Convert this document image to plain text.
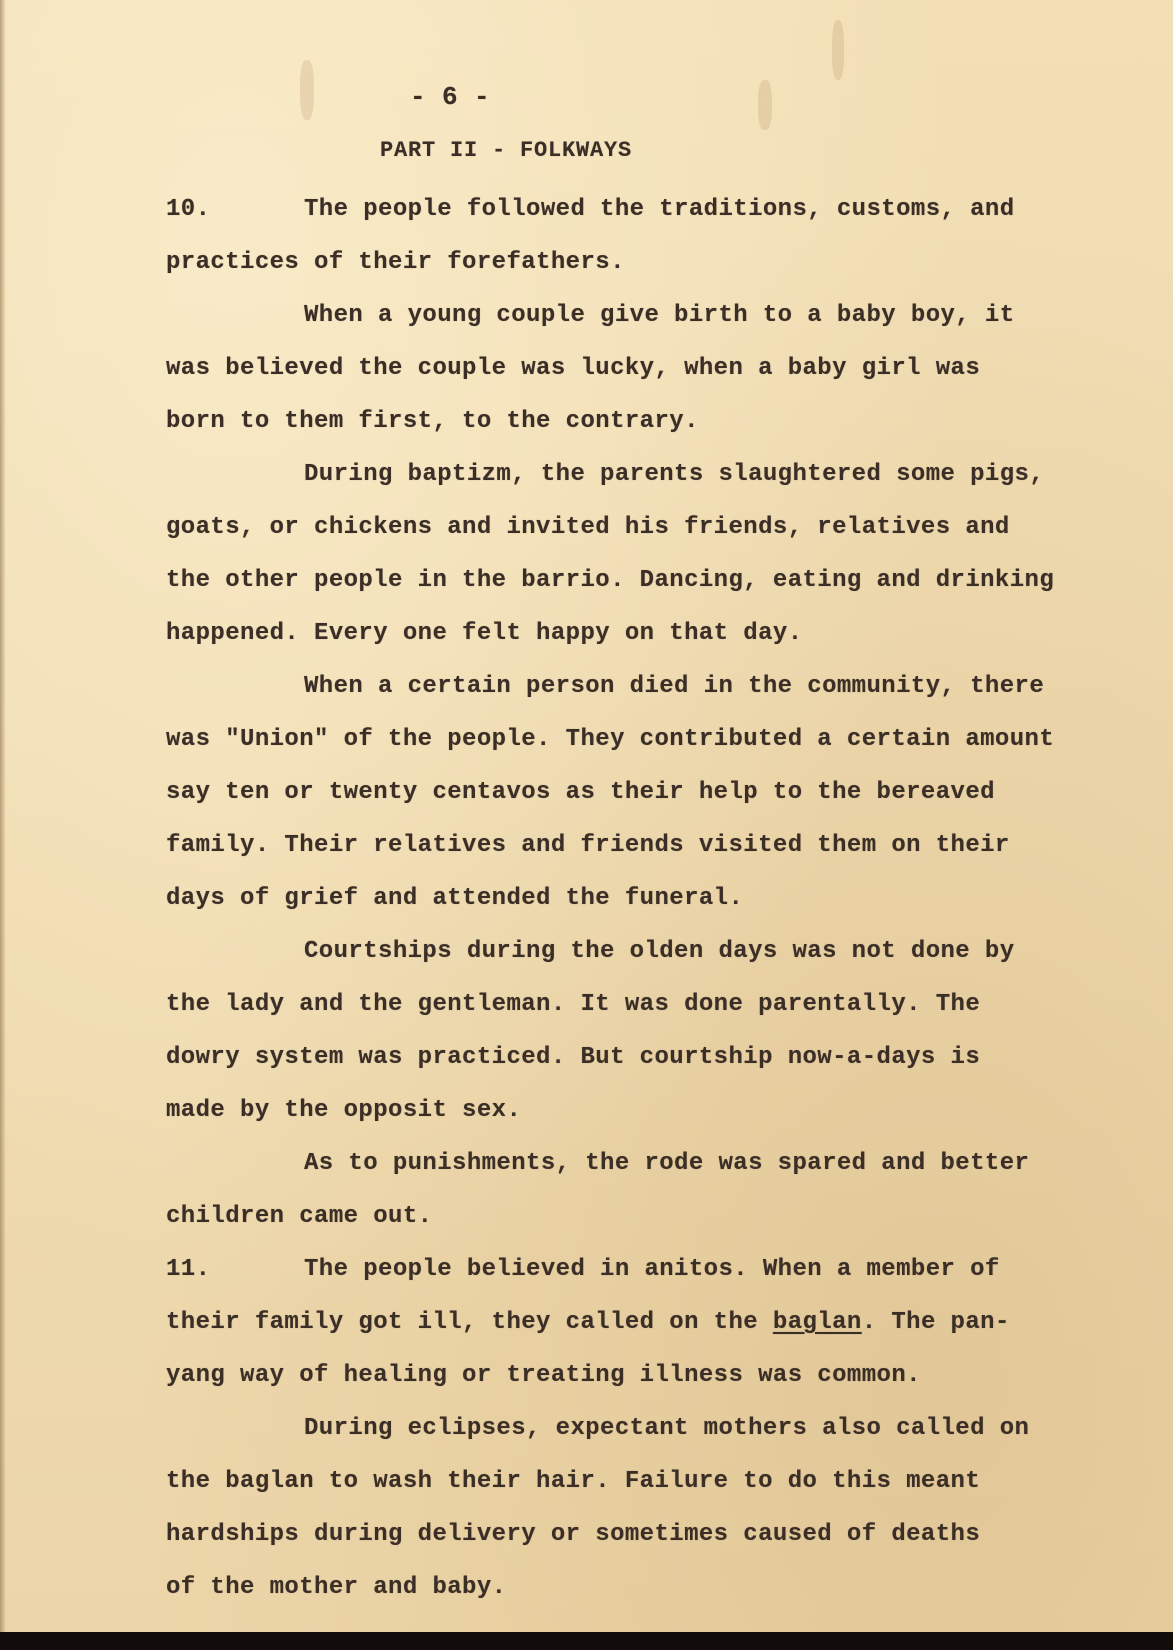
- 6 -
PART II - FOLKWAYS
10.	The people followed the traditions, customs, and
practices of their forefathers.
When a young couple give birth to a baby boy, it
was believed the couple was lucky, when a baby girl was
born to them first, to the contrary.
During baptizm, the parents slaughtered some pigs,
goats, or chickens and invited his friends, relatives and
the other people in the barrio. Dancing, eating and drinking
happened. Every one felt happy on that day.
When a certain person died in the community, there
was "Union" of the people. They contributed a certain amount
say ten or twenty centavos as their help to the bereaved
family. Their relatives and friends visited them on their
days of grief and attended the funeral.
Courtships during the olden days was not done by
the lady and the gentleman. It was done parentally. The
dowry system was practiced. But courtship now-a-days is
made by the opposit sex.
As to punishments, the rode was spared and better
children came out.
11.	The people believed in anitos. When a member of
their family got ill, they called on the baglan. The pan-
yang way of healing or treating illness was common.
During eclipses, expectant mothers also called on
the baglan to wash their hair. Failure to do this meant
hardships during delivery or sometimes caused of deaths
of the mother and baby.
